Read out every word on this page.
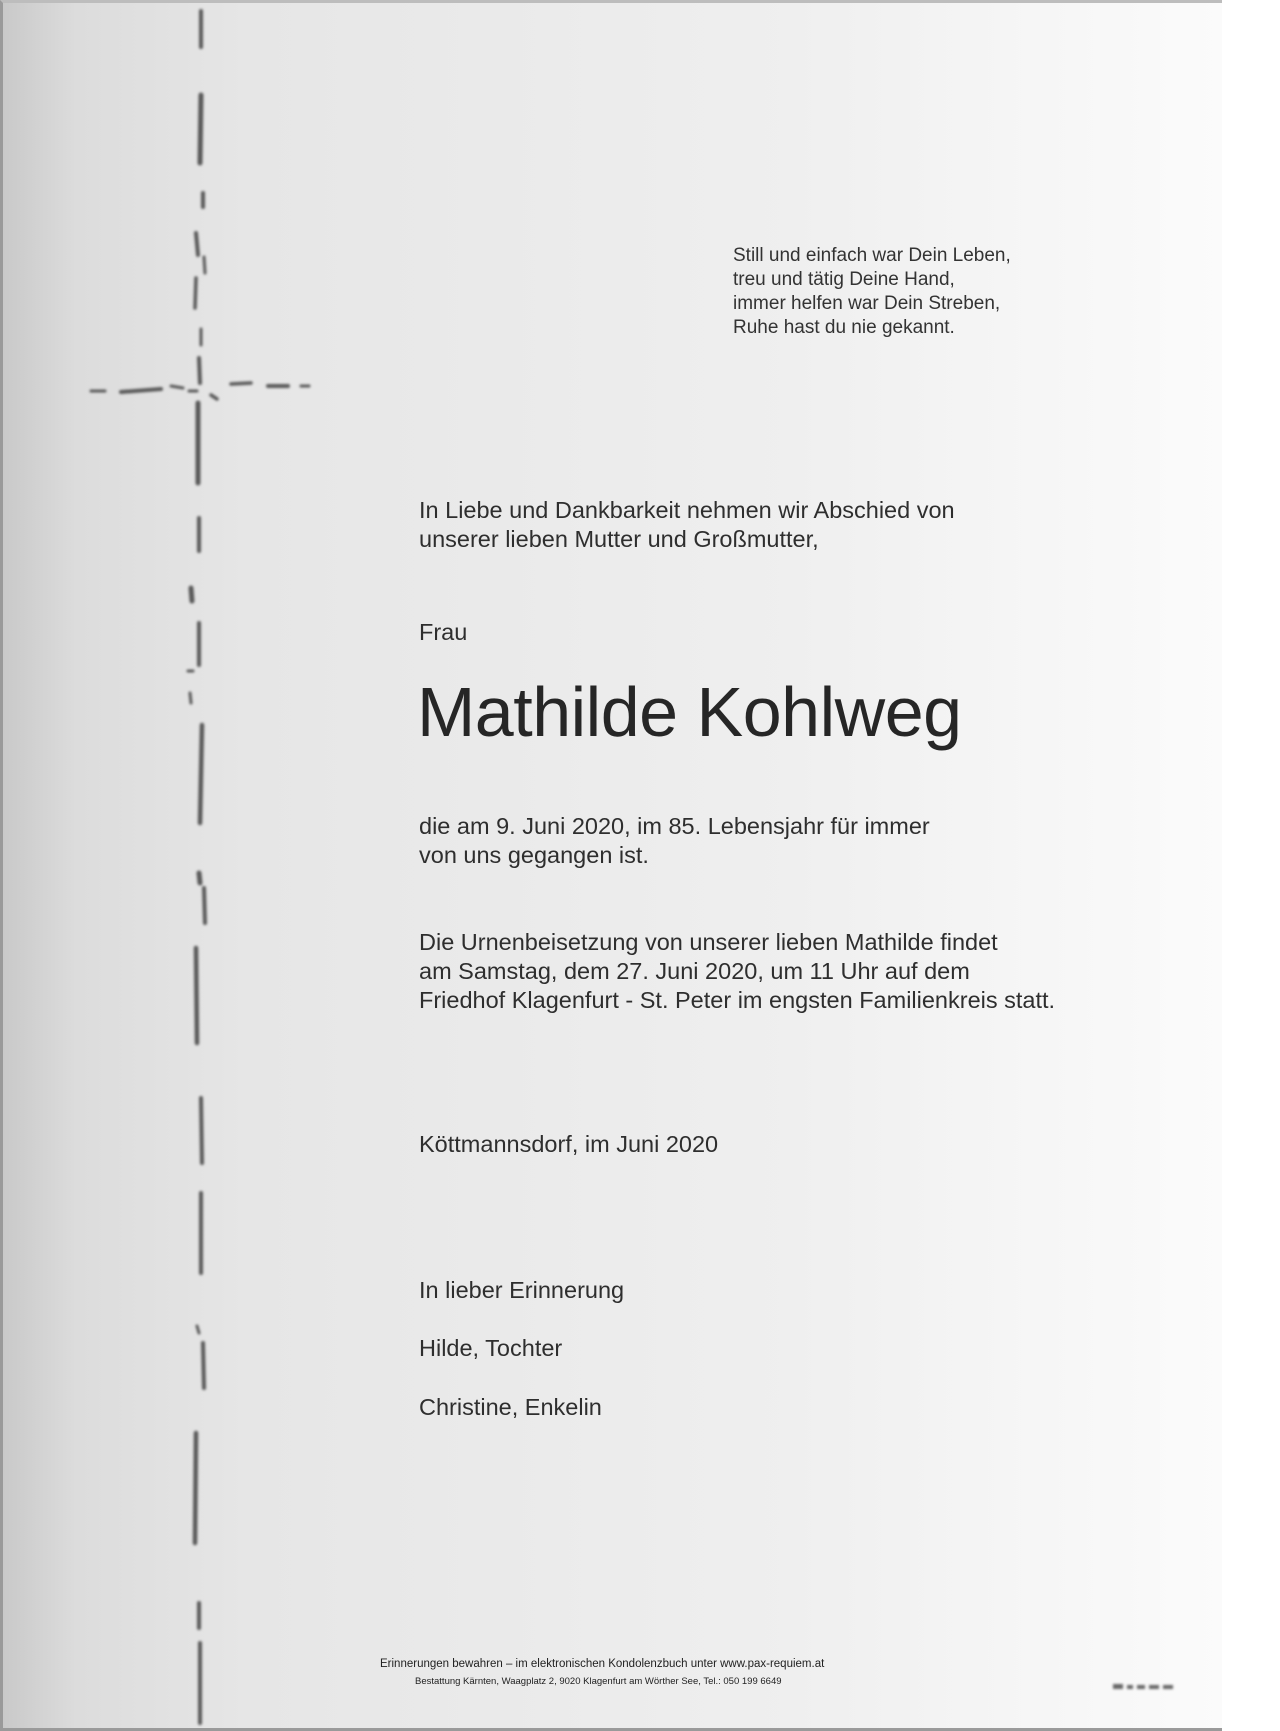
Still und einfach war Dein Leben,
treu und tätig Deine Hand,
immer helfen war Dein Streben,
Ruhe hast du nie gekannt.
In Liebe und Dankbarkeit nehmen wir Abschied von
unserer lieben Mutter und Großmutter,
Frau
Mathilde Kohlweg
die am 9. Juni 2020, im 85. Lebensjahr für immer
von uns gegangen ist.
Die Urnenbeisetzung von unserer lieben Mathilde findet
am Samstag, dem 27. Juni 2020, um 11 Uhr auf dem
Friedhof Klagenfurt - St. Peter im engsten Familienkreis statt.
Köttmannsdorf, im Juni 2020
In lieber Erinnerung
Hilde, Tochter
Christine, Enkelin
Erinnerungen bewahren – im elektronischen Kondolenzbuch unter www.pax-requiem.at
Bestattung Kärnten, Waagplatz 2, 9020 Klagenfurt am Wörther See, Tel.: 050 199 6649
